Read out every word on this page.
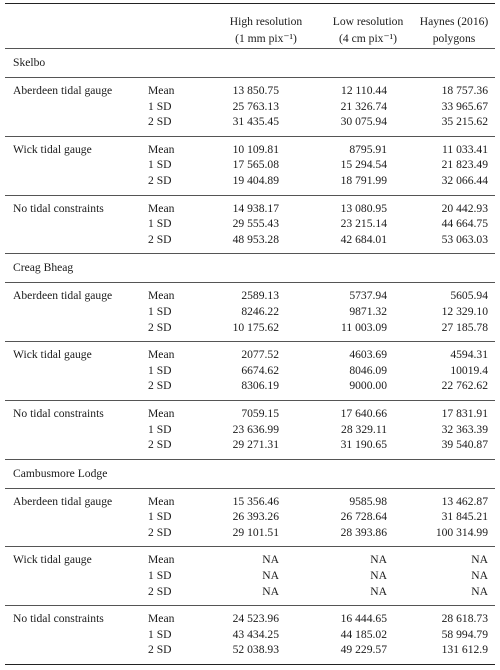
High resolution
(1 mm pix⁻¹)
Low resolution
(4 cm pix⁻¹)
Haynes (2016)
polygons
Skelbo
Aberdeen tidal gauge	Mean	13 850.75	12 110.44	18 757.36
1 SD	25 763.13	21 326.74	33 965.67
2 SD	31 435.45	30 075.94	35 215.62
Wick tidal gauge	Mean	10 109.81	8795.91	11 033.41
1 SD	17 565.08	15 294.54	21 823.49
2 SD	19 404.89	18 791.99	32 066.44
No tidal constraints	Mean	14 938.17	13 080.95	20 442.93
1 SD	29 555.43	23 215.14	44 664.75
2 SD	48 953.28	42 684.01	53 063.03
Creag Bheag
Aberdeen tidal gauge	Mean	2589.13	5737.94	5605.94
1 SD	8246.22	9871.32	12 329.10
2 SD	10 175.62	11 003.09	27 185.78
Wick tidal gauge	Mean	2077.52	4603.69	4594.31
1 SD	6674.62	8046.09	10019.4
2 SD	8306.19	9000.00	22 762.62
No tidal constraints	Mean	7059.15	17 640.66	17 831.91
1 SD	23 636.99	28 329.11	32 363.39
2 SD	29 271.31	31 190.65	39 540.87
Cambusmore Lodge
Aberdeen tidal gauge	Mean	15 356.46	9585.98	13 462.87
1 SD	26 393.26	26 728.64	31 845.21
2 SD	29 101.51	28 393.86	100 314.99
Wick tidal gauge	Mean	NA	NA	NA
1 SD	NA	NA	NA
2 SD	NA	NA	NA
No tidal constraints	Mean	24 523.96	16 444.65	28 618.73
1 SD	43 434.25	44 185.02	58 994.79
2 SD	52 038.93	49 229.57	131 612.9
